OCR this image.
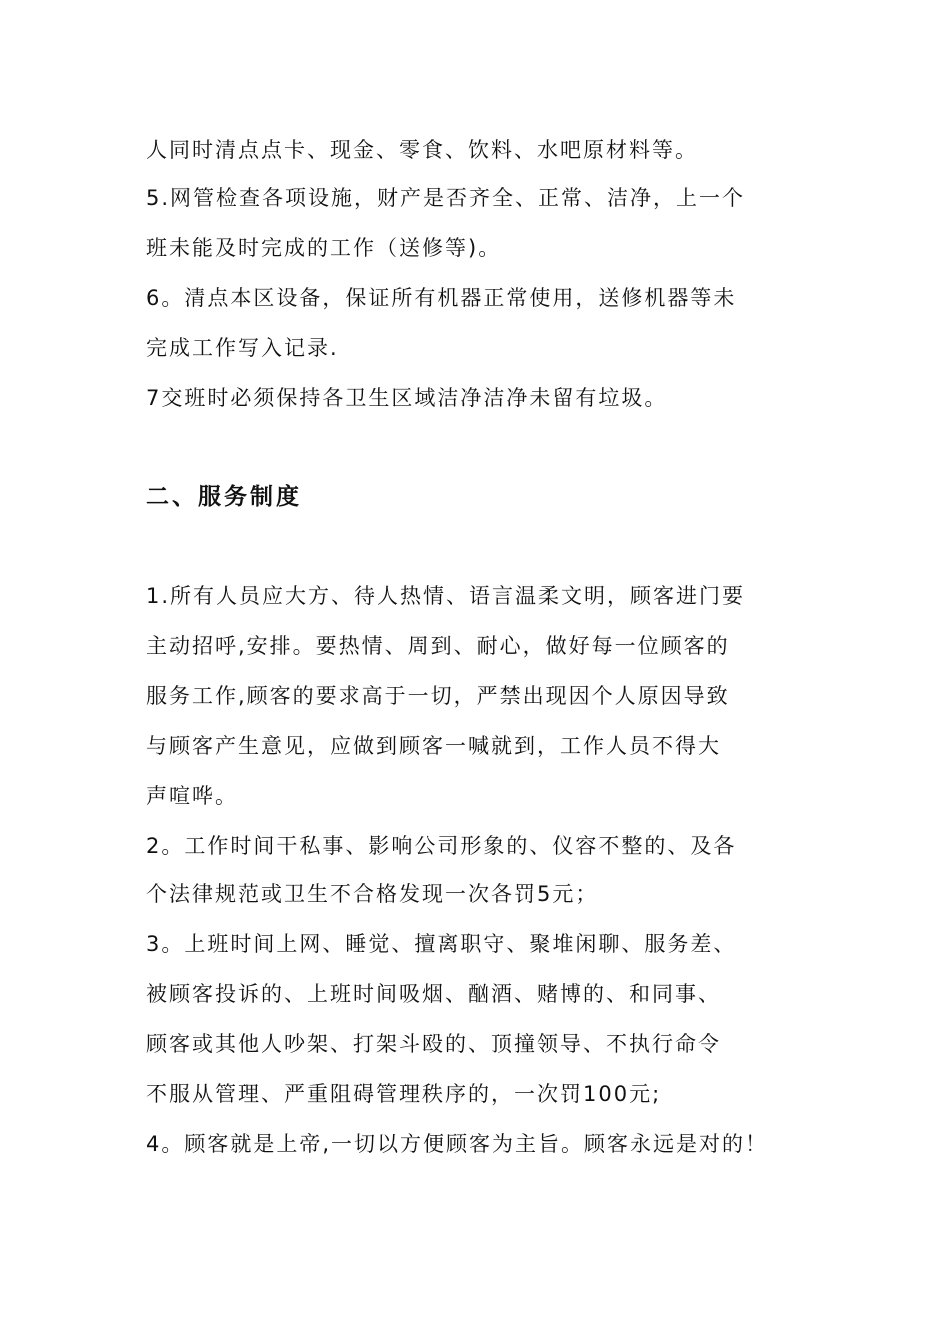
人同时清点点卡、现金、零食、饮料、水吧原材料等。
5.网管检查各项设施，财产是否齐全、正常、洁净，上一个
班未能及时完成的工作（送修等)。
6。清点本区设备，保证所有机器正常使用，送修机器等未
完成工作写入记录.
7交班时必须保持各卫生区域洁净洁净未留有垃圾。
二、服务制度
1.所有人员应大方、待人热情、语言温柔文明，顾客进门要
主动招呼,安排。要热情、周到、耐心，做好每一位顾客的
服务工作,顾客的要求高于一切，严禁出现因个人原因导致
与顾客产生意见，应做到顾客一喊就到，工作人员不得大
声喧哗。
2。工作时间干私事、影响公司形象的、仪容不整的、及各
个法律规范或卫生不合格发现一次各罚5元；
3。上班时间上网、睡觉、擅离职守、聚堆闲聊、服务差、
被顾客投诉的、上班时间吸烟、酗酒、赌博的、和同事、
顾客或其他人吵架、打架斗殴的、顶撞领导、不执行命令
不服从管理、严重阻碍管理秩序的，一次罚100元;
4。顾客就是上帝,一切以方便顾客为主旨。顾客永远是对的！
